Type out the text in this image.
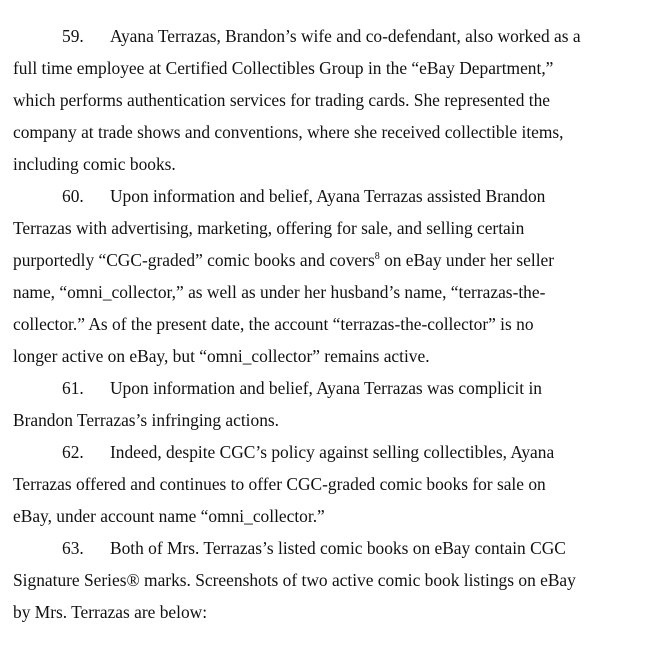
59. Ayana Terrazas, Brandon’s wife and co-defendant, also worked as a
full time employee at Certified Collectibles Group in the “eBay Department,”
which performs authentication services for trading cards. She represented the
company at trade shows and conventions, where she received collectible items,
including comic books.
60. Upon information and belief, Ayana Terrazas assisted Brandon
Terrazas with advertising, marketing, offering for sale, and selling certain
purportedly “CGC-graded” comic books and covers$^8$ on eBay under her seller
name, “omni_collector,” as well as under her husband’s name, “terrazas-the-
collector.” As of the present date, the account “terrazas-the-collector” is no
longer active on eBay, but “omni_collector” remains active.
61. Upon information and belief, Ayana Terrazas was complicit in
Brandon Terrazas’s infringing actions.
62. Indeed, despite CGC’s policy against selling collectibles, Ayana
Terrazas offered and continues to offer CGC-graded comic books for sale on
eBay, under account name “omni_collector.”
63. Both of Mrs. Terrazas’s listed comic books on eBay contain CGC
Signature Series® marks. Screenshots of two active comic book listings on eBay
by Mrs. Terrazas are below:
